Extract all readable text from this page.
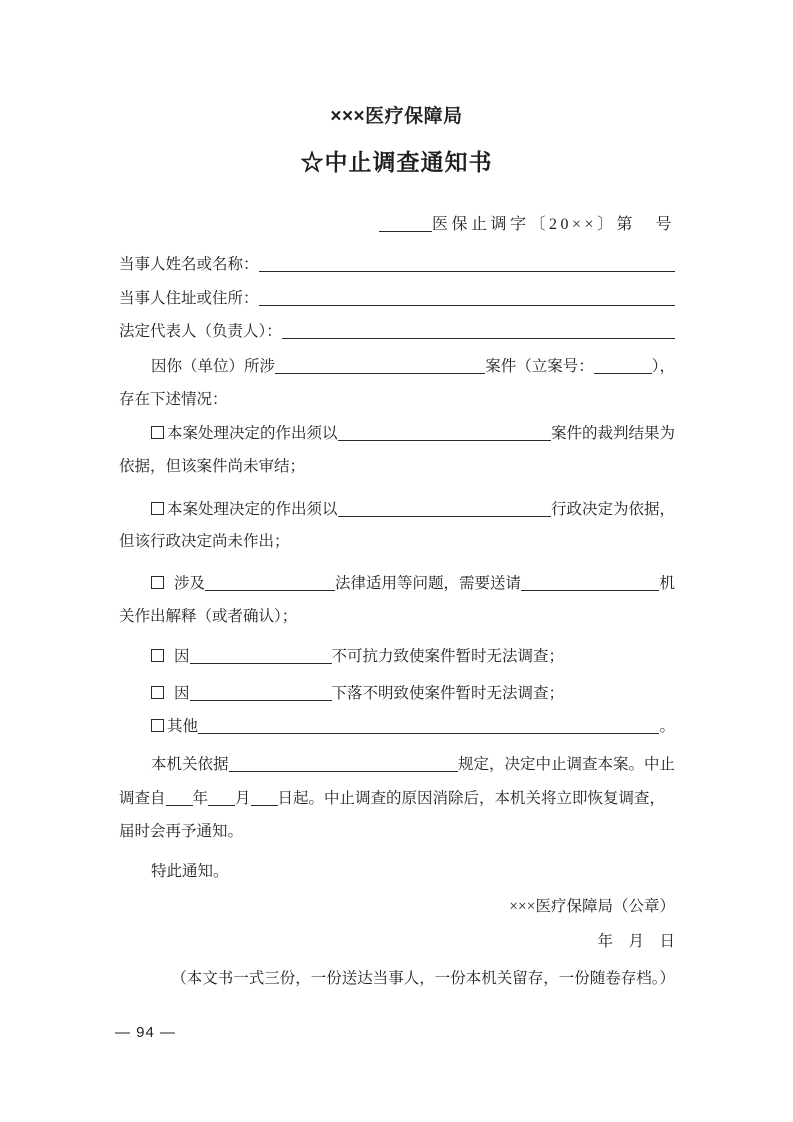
×××医疗保障局
☆中止调查通知书
医保止调字〔20××〕第　号
当事人姓名或名称：
当事人住址或住所：
法定代表人（负责人）：
因你（单位）所涉	案件（立案号：	），
存在下述情况：
本案处理决定的作出须以	案件的裁判结果为
依据，但该案件尚未审结；
本案处理决定的作出须以	行政决定为依据，
但该行政决定尚未作出；
涉及	法律适用等问题，需要送请	机
关作出解释（或者确认）；
因	不可抗力致使案件暂时无法调查；
因	下落不明致使案件暂时无法调查；
其他	。
本机关依据	规定，决定中止调查本案。中止
调查自 年 月 日起。中止调查的原因消除后，本机关将立即恢复调查，
届时会再予通知。
特此通知。
×××医疗保障局（公章）
年　月　日
（本文书一式三份，一份送达当事人，一份本机关留存，一份随卷存档。）
— 94 —
